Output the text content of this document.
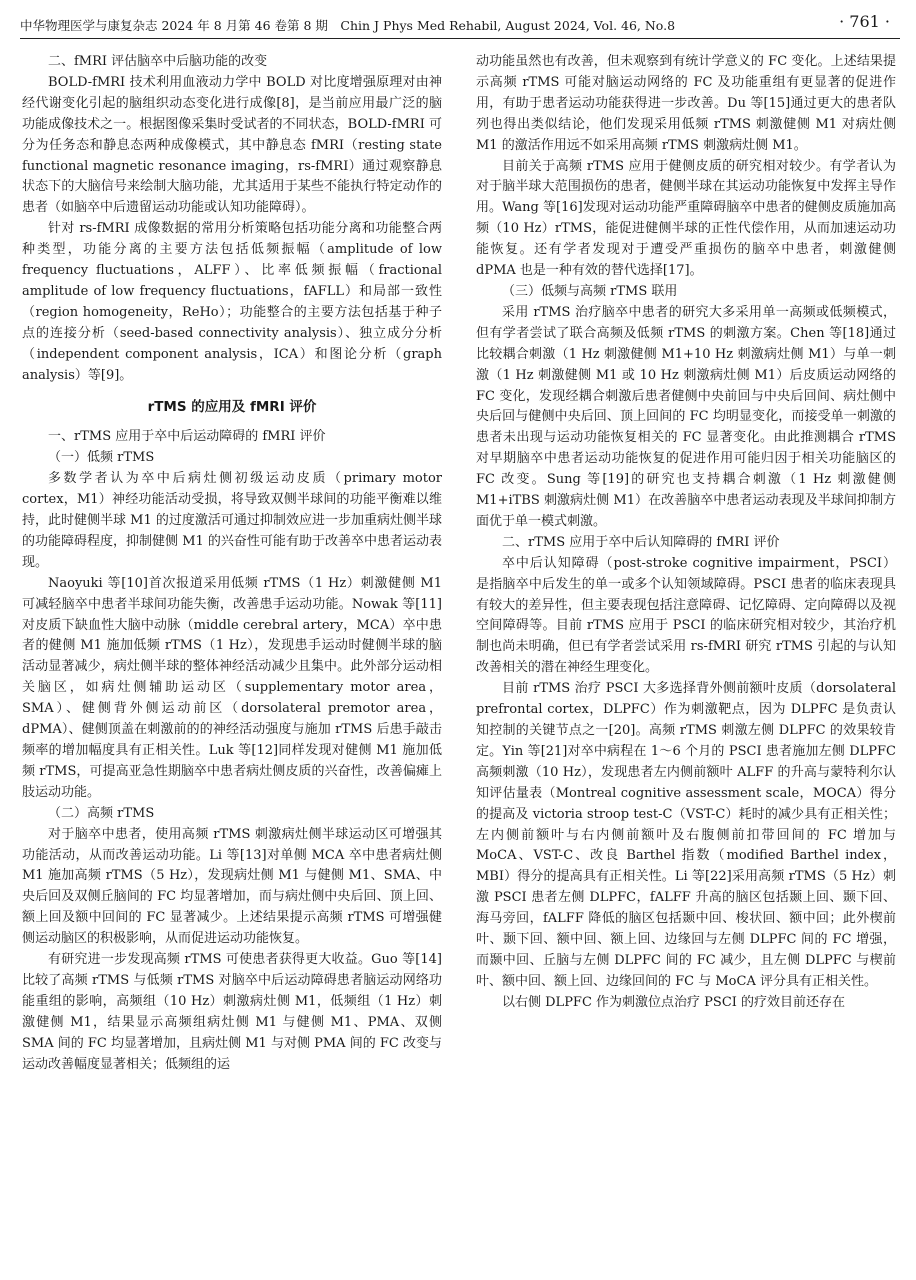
中华物理医学与康复杂志 2024 年 8 月第 46 卷第 8 期　Chin J Phys Med Rehabil, August 2024, Vol. 46, No.8	· 761 ·

二、fMRI 评估脑卒中后脑功能的改变

BOLD-fMRI 技术利用血液动力学中 BOLD 对比度增强原理对由神经代谢变化引起的脑组织动态变化进行成像[8]，是当前应用最广泛的脑功能成像技术之一。根据图像采集时受试者的不同状态，BOLD-fMRI 可分为任务态和静息态两种成像模式，其中静息态 fMRI（resting state functional magnetic resonance imaging，rs-fMRI）通过观察静息状态下的大脑信号来绘制大脑功能，尤其适用于某些不能执行特定动作的患者（如脑卒中后遗留运动功能或认知功能障碍）。

针对 rs-fMRI 成像数据的常用分析策略包括功能分离和功能整合两种类型，功能分离的主要方法包括低频振幅（amplitude of low frequency fluctuations，ALFF）、比率低频振幅（fractional amplitude of low frequency fluctuations，fAFLL）和局部一致性（region homogeneity，ReHo）；功能整合的主要方法包括基于种子点的连接分析（seed-based connectivity analysis）、独立成分分析（independent component analysis，ICA）和图论分析（graph analysis）等[9]。

rTMS 的应用及 fMRI 评价

一、rTMS 应用于卒中后运动障碍的 fMRI 评价

（一）低频 rTMS

多数学者认为卒中后病灶侧初级运动皮质（primary motor cortex，M1）神经功能活动受损，将导致双侧半球间的功能平衡难以维持，此时健侧半球 M1 的过度激活可通过抑制效应进一步加重病灶侧半球的功能障碍程度，抑制健侧 M1 的兴奋性可能有助于改善卒中患者运动表现。

Naoyuki 等[10]首次报道采用低频 rTMS（1 Hz）刺激健侧 M1 可减轻脑卒中患者半球间功能失衡，改善患手运动功能。Nowak 等[11]对皮质下缺血性大脑中动脉（middle cerebral artery，MCA）卒中患者的健侧 M1 施加低频 rTMS（1 Hz），发现患手运动时健侧半球的脑活动显著减少，病灶侧半球的整体神经活动减少且集中。此外部分运动相关脑区，如病灶侧辅助运动区（supplementary motor area，SMA）、健侧背外侧运动前区（dorsolateral premotor area，dPMA）、健侧顶盖在刺激前的的神经活动强度与施加 rTMS 后患手敲击频率的增加幅度具有正相关性。Luk 等[12]同样发现对健侧 M1 施加低频 rTMS，可提高亚急性期脑卒中患者病灶侧皮质的兴奋性，改善偏瘫上肢运动功能。

（二）高频 rTMS

对于脑卒中患者，使用高频 rTMS 刺激病灶侧半球运动区可增强其功能活动，从而改善运动功能。Li 等[13]对单侧 MCA 卒中患者病灶侧 M1 施加高频 rTMS（5 Hz），发现病灶侧 M1 与健侧 M1、SMA、中央后回及双侧丘脑间的 FC 均显著增加，而与病灶侧中央后回、顶上回、额上回及额中回间的 FC 显著减少。上述结果提示高频 rTMS 可增强健侧运动脑区的积极影响，从而促进运动功能恢复。

有研究进一步发现高频 rTMS 可使患者获得更大收益。Guo 等[14]比较了高频 rTMS 与低频 rTMS 对脑卒中后运动障碍患者脑运动网络功能重组的影响，高频组（10 Hz）刺激病灶侧 M1，低频组（1 Hz）刺激健侧 M1，结果显示高频组病灶侧 M1 与健侧 M1、PMA、双侧 SMA 间的 FC 均显著增加，且病灶侧 M1 与对侧 PMA 间的 FC 改变与运动改善幅度显著相关；低频组的运

动功能虽然也有改善，但未观察到有统计学意义的 FC 变化。上述结果提示高频 rTMS 可能对脑运动网络的 FC 及功能重组有更显著的促进作用，有助于患者运动功能获得进一步改善。Du 等[15]通过更大的患者队列也得出类似结论，他们发现采用低频 rTMS 刺激健侧 M1 对病灶侧 M1 的激活作用远不如采用高频 rTMS 刺激病灶侧 M1。

目前关于高频 rTMS 应用于健侧皮质的研究相对较少。有学者认为对于脑半球大范围损伤的患者，健侧半球在其运动功能恢复中发挥主导作用。Wang 等[16]发现对运动功能严重障碍脑卒中患者的健侧皮质施加高频（10 Hz）rTMS，能促进健侧半球的正性代偿作用，从而加速运动功能恢复。还有学者发现对于遭受严重损伤的脑卒中患者，刺激健侧 dPMA 也是一种有效的替代选择[17]。

（三）低频与高频 rTMS 联用

采用 rTMS 治疗脑卒中患者的研究大多采用单一高频或低频模式，但有学者尝试了联合高频及低频 rTMS 的刺激方案。Chen 等[18]通过比较耦合刺激（1 Hz 刺激健侧 M1+10 Hz 刺激病灶侧 M1）与单一刺激（1 Hz 刺激健侧 M1 或 10 Hz 刺激病灶侧 M1）后皮质运动网络的 FC 变化，发现经耦合刺激后患者健侧中央前回与中央后回间、病灶侧中央后回与健侧中央后回、顶上回间的 FC 均明显变化，而接受单一刺激的患者未出现与运动功能恢复相关的 FC 显著变化。由此推测耦合 rTMS 对早期脑卒中患者运动功能恢复的促进作用可能归因于相关功能脑区的 FC 改变。Sung 等[19]的研究也支持耦合刺激（1 Hz 刺激健侧 M1+iTBS 刺激病灶侧 M1）在改善脑卒中患者运动表现及半球间抑制方面优于单一模式刺激。

二、rTMS 应用于卒中后认知障碍的 fMRI 评价

卒中后认知障碍（post-stroke cognitive impairment，PSCI）是指脑卒中后发生的单一或多个认知领域障碍。PSCI 患者的临床表现具有较大的差异性，但主要表现包括注意障碍、记忆障碍、定向障碍以及视空间障碍等。目前 rTMS 应用于 PSCI 的临床研究相对较少，其治疗机制也尚未明确，但已有学者尝试采用 rs-fMRI 研究 rTMS 引起的与认知改善相关的潜在神经生理变化。

目前 rTMS 治疗 PSCI 大多选择背外侧前额叶皮质（dorsolateral prefrontal cortex，DLPFC）作为刺激靶点，因为 DLPFC 是负责认知控制的关键节点之一[20]。高频 rTMS 刺激左侧 DLPFC 的效果较肯定。Yin 等[21]对卒中病程在 1～6 个月的 PSCI 患者施加左侧 DLPFC 高频刺激（10 Hz），发现患者左内侧前额叶 ALFF 的升高与蒙特利尔认知评估量表（Montreal cognitive assessment scale，MOCA）得分的提高及 victoria stroop test-C（VST-C）耗时的减少具有正相关性；左内侧前额叶与右内侧前额叶及右腹侧前扣带回间的 FC 增加与 MoCA、VST-C、改良 Barthel 指数（modified Barthel index，MBI）得分的提高具有正相关性。Li 等[22]采用高频 rTMS（5 Hz）刺激 PSCI 患者左侧 DLPFC，fALFF 升高的脑区包括颞上回、颞下回、海马旁回，fALFF 降低的脑区包括颞中回、梭状回、额中回；此外楔前叶、颞下回、额中回、额上回、边缘回与左侧 DLPFC 间的 FC 增强，而颞中回、丘脑与左侧 DLPFC 间的 FC 减少，且左侧 DLPFC 与楔前叶、额中回、额上回、边缘回间的 FC 与 MoCA 评分具有正相关性。

以右侧 DLPFC 作为刺激位点治疗 PSCI 的疗效目前还存在
